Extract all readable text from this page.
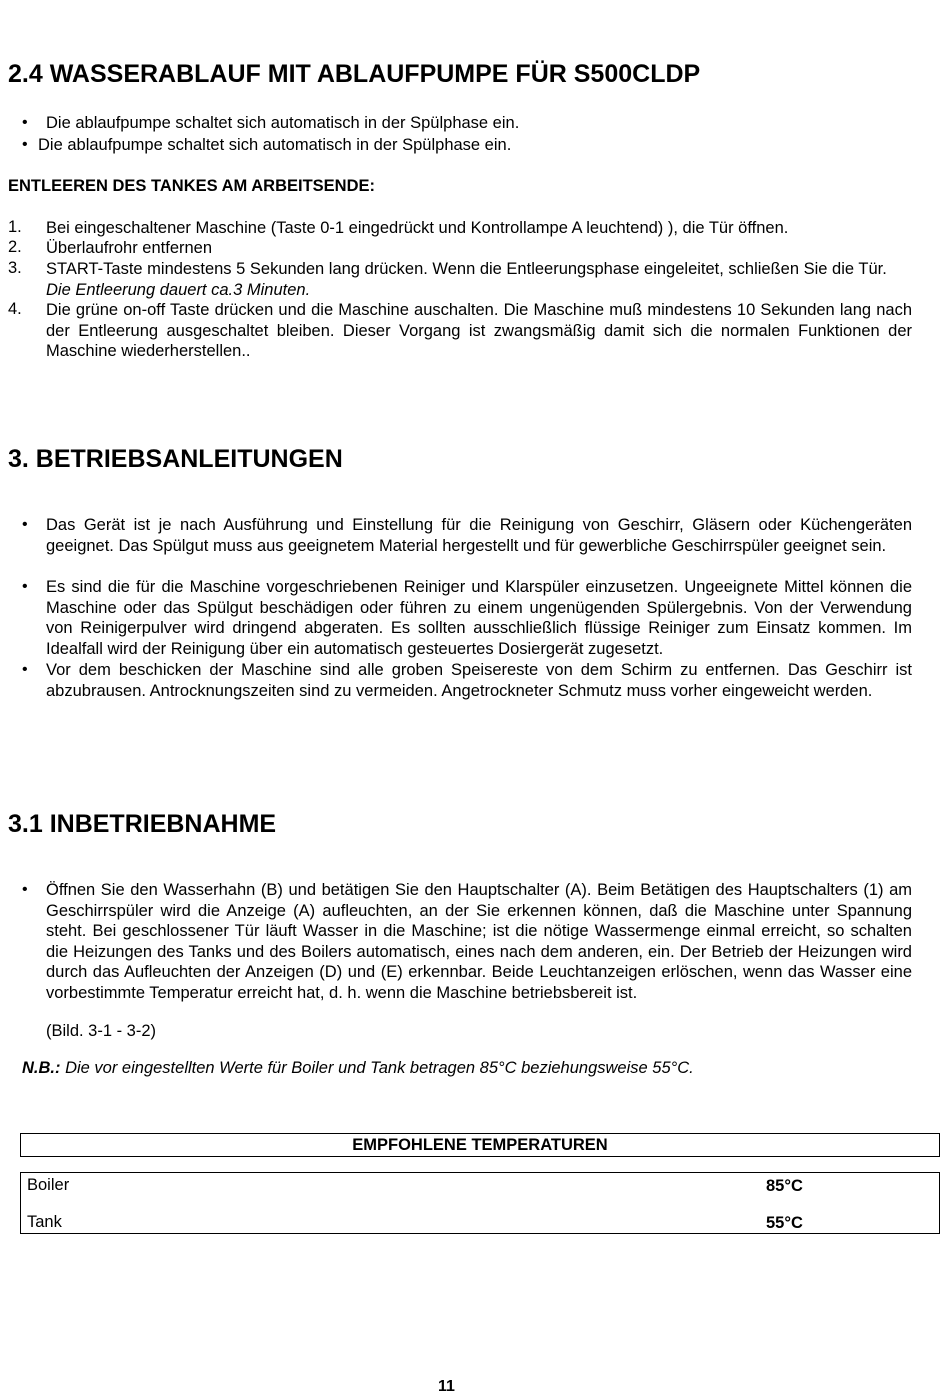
2.4 WASSERABLAUF MIT ABLAUFPUMPE FÜR S500CLDP
•
Die ablaufpumpe schaltet sich automatisch in der Spülphase ein.
•
Die ablaufpumpe schaltet sich automatisch in der Spülphase ein.
ENTLEEREN DES TANKES AM ARBEITSENDE:
1. Bei eingeschaltener Maschine (Taste 0-1 eingedrückt und Kontrollampe A leuchtend) ), die Tür öffnen.
2. Überlaufrohr entfernen
3. START-Taste mindestens 5 Sekunden lang drücken. Wenn die Entleerungsphase eingeleitet, schließen Sie die Tür. Die Entleerung dauert ca.3 Minuten.
4. Die grüne on-off Taste drücken und die Maschine auschalten. Die Maschine muß mindestens 10 Sekunden lang nach der Entleerung ausgeschaltet bleiben. Dieser Vorgang ist zwangsmäßig damit sich die normalen Funktionen der Maschine wiederherstellen..
3. BETRIEBSANLEITUNGEN
•
Das Gerät ist je nach Ausführung und Einstellung für die Reinigung von Geschirr, Gläsern oder Küchengeräten geeignet. Das Spülgut muss aus geeignetem Material hergestellt und für gewerbliche Geschirrspüler geeignet sein.
•
Es sind die für die Maschine vorgeschriebenen Reiniger und Klarspüler einzusetzen. Ungeeignete Mittel können die Maschine oder das Spülgut beschädigen oder führen zu einem ungenügenden Spülergebnis. Von der Verwendung von Reinigerpulver wird dringend abgeraten. Es sollten ausschließlich flüssige Reiniger zum Einsatz kommen. Im Idealfall wird der Reinigung über ein automatisch gesteuertes Dosiergerät zugesetzt.
•
Vor dem beschicken der Maschine sind alle groben Speisereste von dem Schirm zu entfernen. Das Geschirr ist abzubrausen. Antrocknungszeiten sind zu vermeiden. Angetrockneter Schmutz muss vorher eingeweicht werden.
3.1 INBETRIEBNAHME
•
Öffnen Sie den Wasserhahn (B) und betätigen Sie den Hauptschalter (A). Beim Betätigen des Hauptschalters (1) am Geschirrspüler wird die Anzeige (A) aufleuchten, an der Sie erkennen können, daß die Maschine unter Spannung steht. Bei geschlossener Tür läuft Wasser in die Maschine; ist die nötige Wassermenge einmal erreicht, so schalten die Heizungen des Tanks und des Boilers automatisch, eines nach dem anderen, ein. Der Betrieb der Heizungen wird durch das Aufleuchten der Anzeigen (D) und (E) erkennbar. Beide Leuchtanzeigen erlöschen, wenn das Wasser eine vorbestimmte Temperatur erreicht hat, d. h. wenn die Maschine betriebsbereit ist.
(Bild. 3-1 - 3-2)
N.B.: Die vor eingestellten Werte für Boiler und Tank betragen 85°C beziehungsweise 55°C.
EMPFOHLENE TEMPERATUREN
Boiler	85°C
Tank	55°C
11
